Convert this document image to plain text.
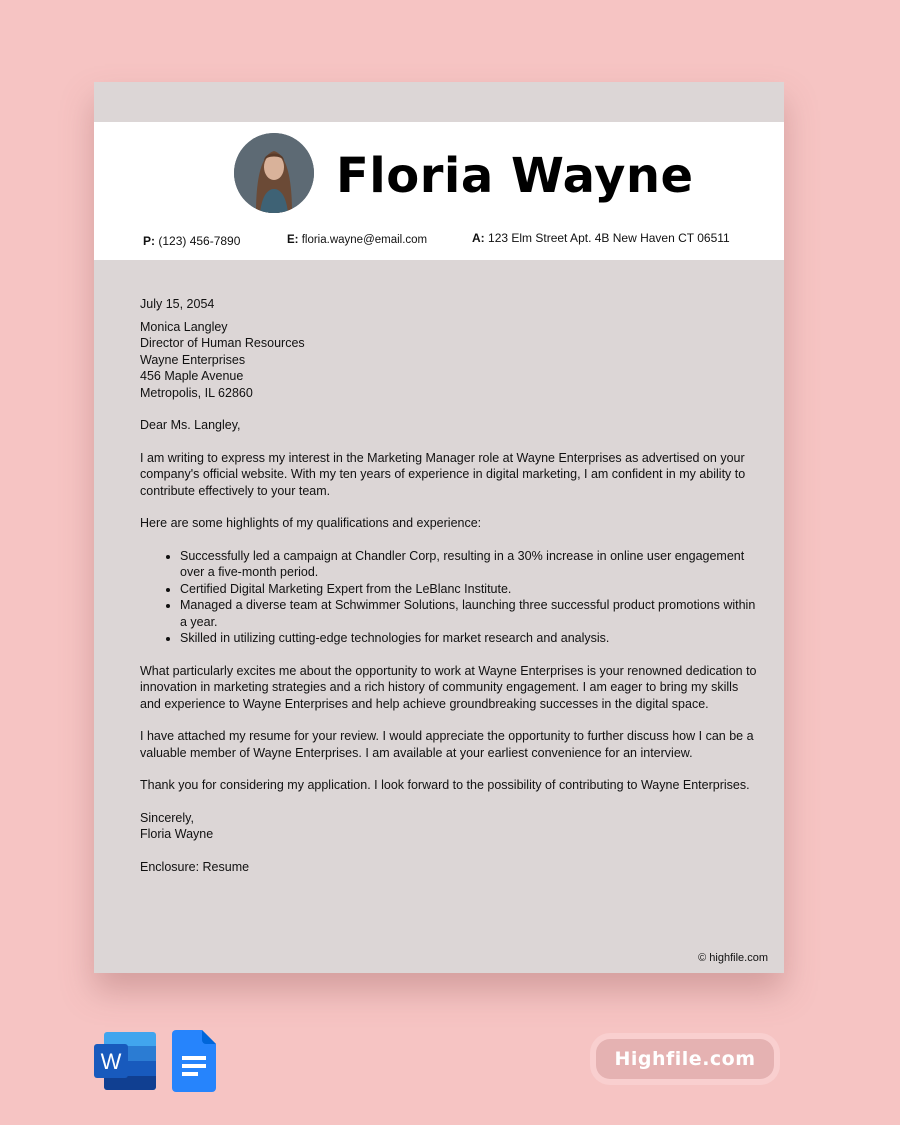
Floria Wayne
P: (123) 456-7890	E: floria.wayne@email.com	A: 123 Elm Street Apt. 4B New Haven CT 06511

July 15, 2054

Monica Langley

Director of Human Resources

Wayne Enterprises

456 Maple Avenue

Metropolis, IL 62860

Dear Ms. Langley,

I am writing to express my interest in the Marketing Manager role at Wayne Enterprises as advertised on your company's official website. With my ten years of experience in digital marketing, I am confident in my ability to contribute effectively to your team.

Here are some highlights of my qualifications and experience:

• Successfully led a campaign at Chandler Corp, resulting in a 30% increase in online user engagement over a five-month period.
• Certified Digital Marketing Expert from the LeBlanc Institute.
• Managed a diverse team at Schwimmer Solutions, launching three successful product promotions within a year.
• Skilled in utilizing cutting-edge technologies for market research and analysis.

What particularly excites me about the opportunity to work at Wayne Enterprises is your renowned dedication to innovation in marketing strategies and a rich history of community engagement. I am eager to bring my skills and experience to Wayne Enterprises and help achieve groundbreaking successes in the digital space.

I have attached my resume for your review. I would appreciate the opportunity to further discuss how I can be a valuable member of Wayne Enterprises. I am available at your earliest convenience for an interview.

Thank you for considering my application. I look forward to the possibility of contributing to Wayne Enterprises.

Sincerely,

Floria Wayne

Enclosure: Resume

© highfile.com
W	Highfile.com
